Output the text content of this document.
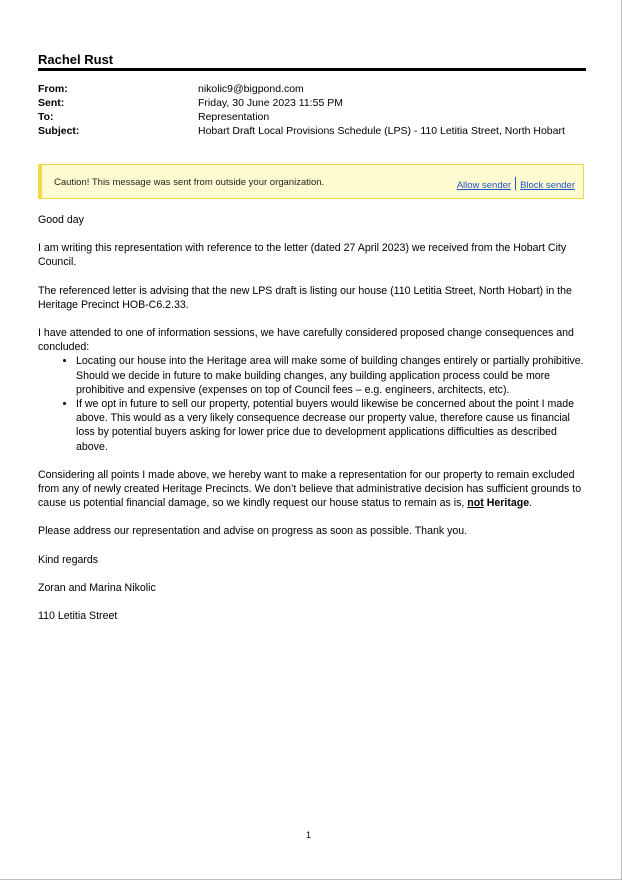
Rachel Rust
From:	nikolic9@bigpond.com
Sent:	Friday, 30 June 2023 11:55 PM
To:	Representation
Subject:	Hobart Draft Local Provisions Schedule (LPS) - 110 Letitia Street, North Hobart
Caution! This message was sent from outside your organization.	Allow sender Block sender

Good day

I am writing this representation with reference to the letter (dated 27 April 2023) we received from the Hobart City Council.

The referenced letter is advising that the new LPS draft is listing our house (110 Letitia Street, North Hobart) in the Heritage Precinct HOB-C6.2.33.

I have attended to one of information sessions, we have carefully considered proposed change consequences and concluded:

• Locating our house into the Heritage area will make some of building changes entirely or partially prohibitive. Should we decide in future to make building changes, any building application process could be more prohibitive and expensive (expenses on top of Council fees – e.g. engineers, architects, etc).
• If we opt in future to sell our property, potential buyers would likewise be concerned about the point I made above. This would as a very likely consequence decrease our property value, therefore cause us financial loss by potential buyers asking for lower price due to development applications difficulties as described above.

Considering all points I made above, we hereby want to make a representation for our property to remain excluded from any of newly created Heritage Precincts. We don’t believe that administrative decision has sufficient grounds to cause us potential financial damage, so we kindly request our house status to remain as is, not Heritage.

Please address our representation and advise on progress as soon as possible. Thank you.

Kind regards

Zoran and Marina Nikolic

110 Letitia Street

1
